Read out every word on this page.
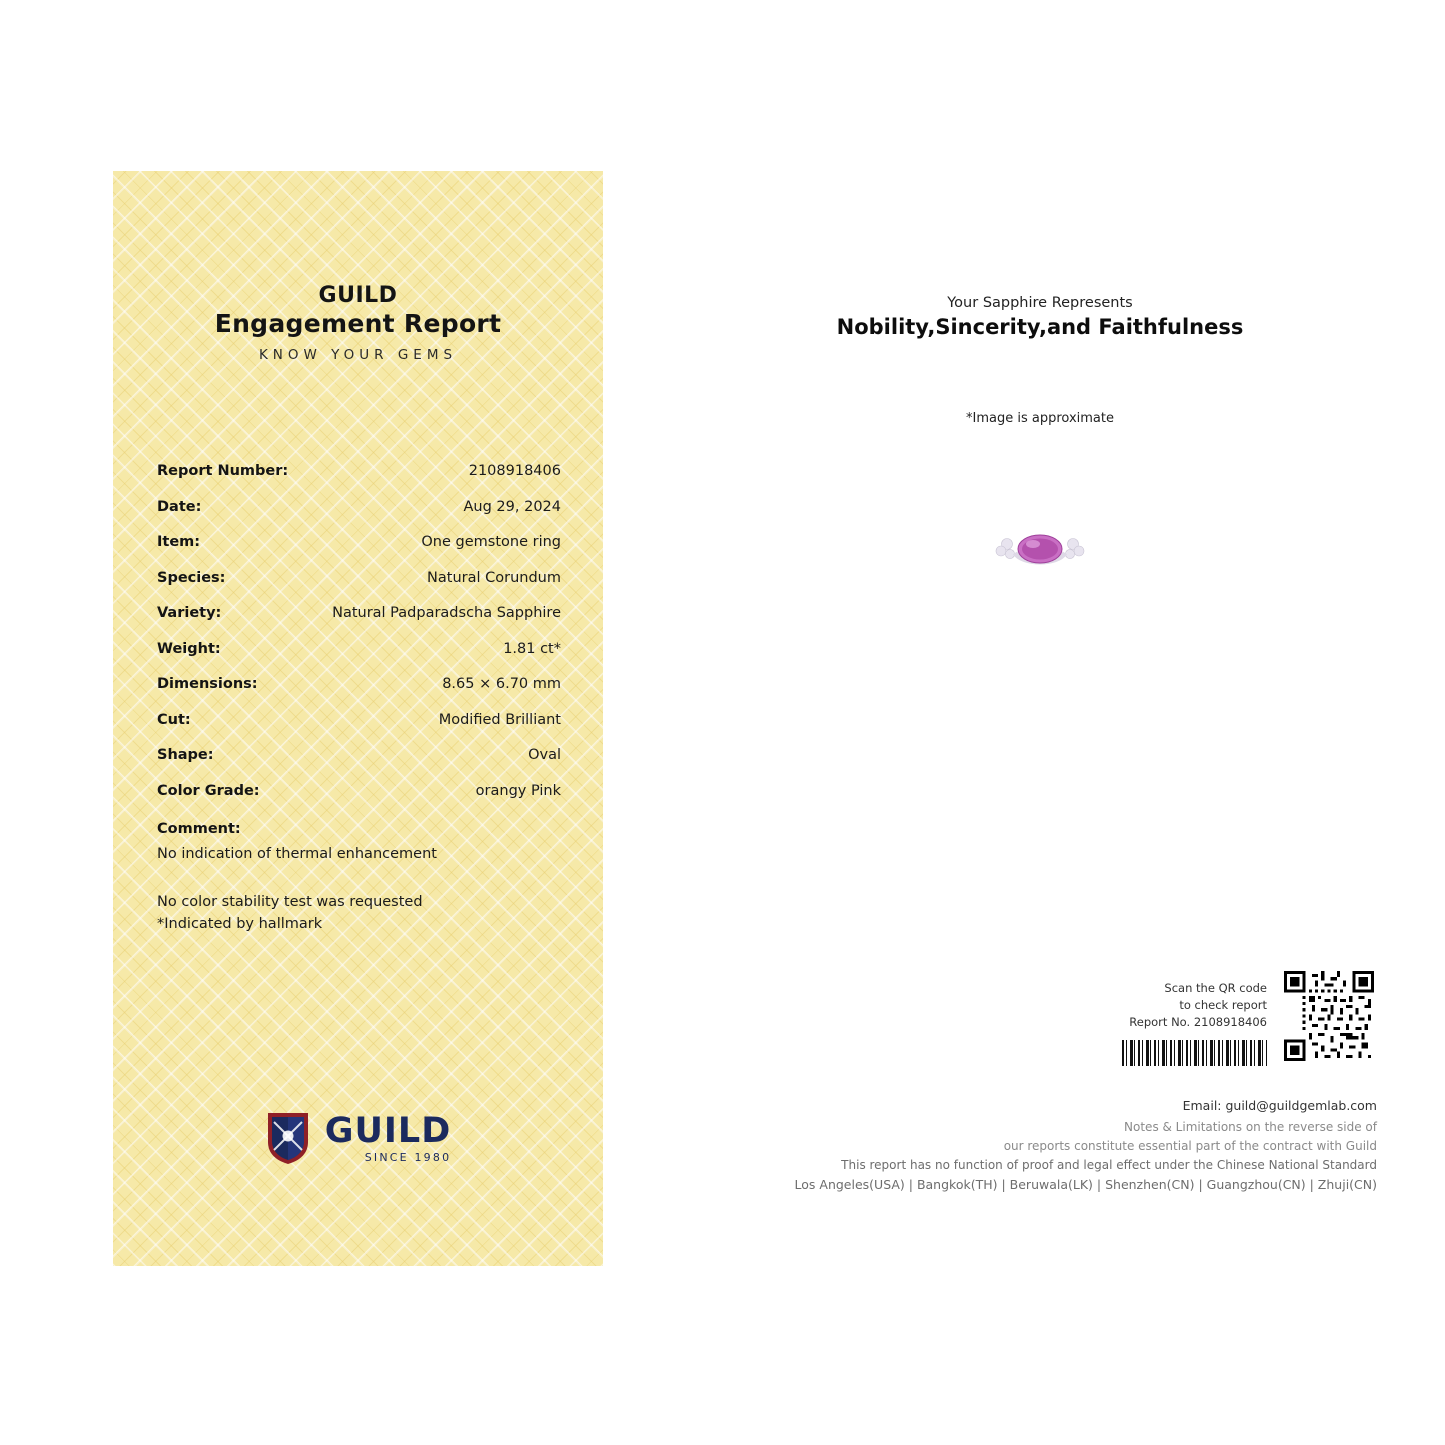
GUILD
Engagement Report
KNOW YOUR GEMS
Report Number:	2108918406
Date:	Aug 29, 2024
Item:	One gemstone ring
Species:	Natural Corundum
Variety:	Natural Padparadscha Sapphire
Weight:	1.81 ct*
Dimensions:	8.65 × 6.70 mm
Cut:	Modified Brilliant
Shape:	Oval
Color Grade:	orangy Pink
Comment:
No indication of thermal enhancement
No color stability test was requested
*Indicated by hallmark
GUILD
SINCE 1980
Your Sapphire Represents
Nobility,Sincerity,and Faithfulness
*Image is approximate
Scan the QR code
to check report
Report No. 2108918406
Email: guild@guildgemlab.com
Notes & Limitations on the reverse side of
our reports constitute essential part of the contract with Guild
This report has no function of proof and legal effect under the Chinese National Standard
Los Angeles(USA) | Bangkok(TH) | Beruwala(LK) | Shenzhen(CN) | Guangzhou(CN) | Zhuji(CN)
